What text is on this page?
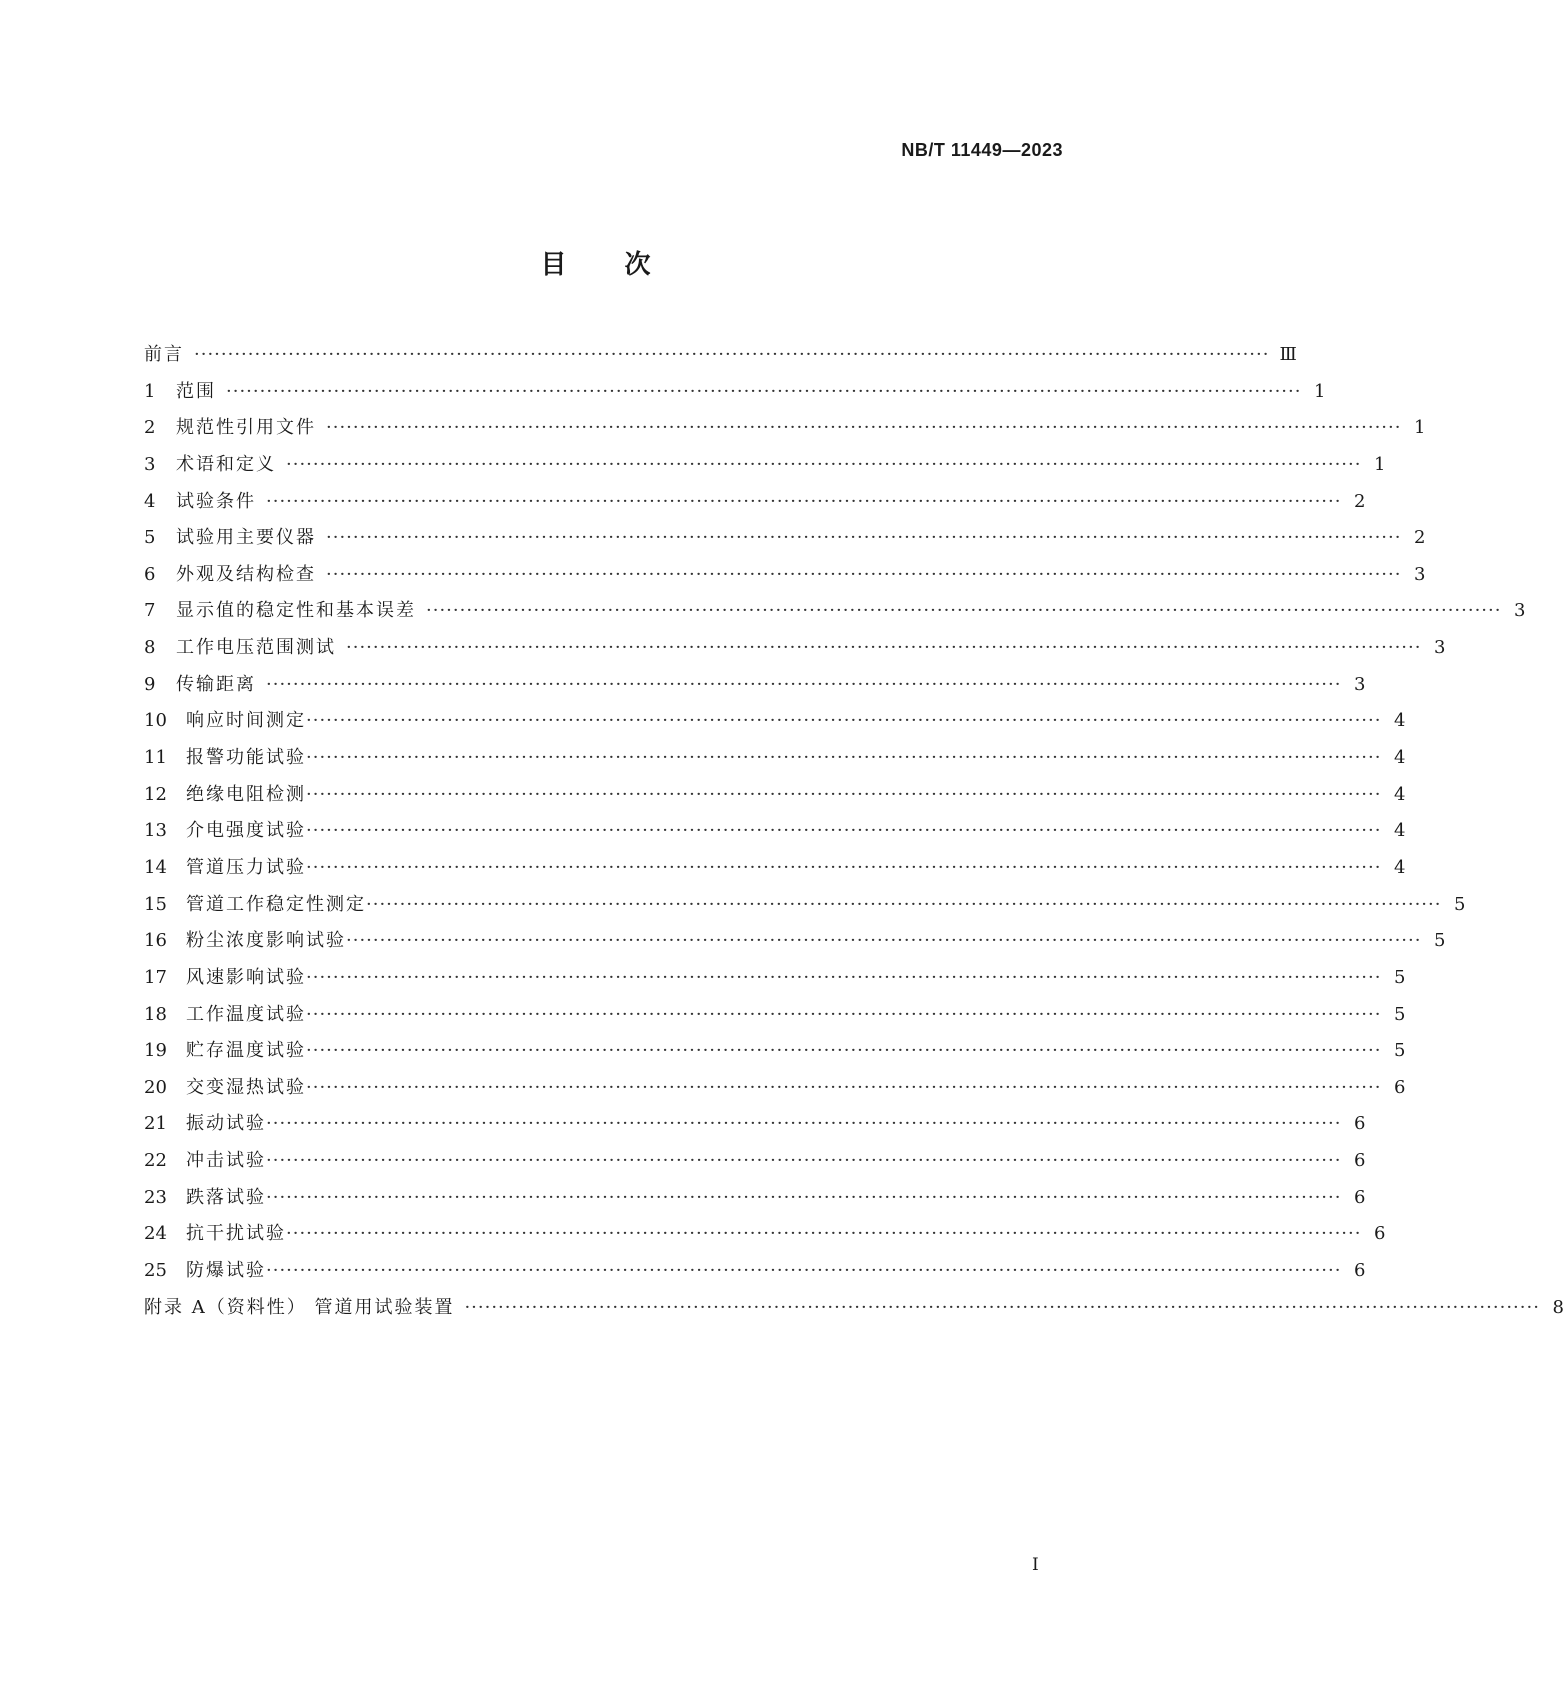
NB/T 11449—2023
目次
前言 ·····	Ⅲ
1	范围 ·····	1
2	规范性引用文件 ·····	1
3	术语和定义 ·····	1
4	试验条件 ·····	2
5	试验用主要仪器 ·····	2
6	外观及结构检查 ·····	3
7	显示值的稳定性和基本误差 ·····	3
8	工作电压范围测试 ·····	3
9	传输距离 ·····	3
10	响应时间测定 ·····	4
11	报警功能试验 ·····	4
12	绝缘电阻检测 ·····	4
13	介电强度试验 ·····	4
14	管道压力试验 ·····	4
15	管道工作稳定性测定 ·····	5
16	粉尘浓度影响试验 ·····	5
17	风速影响试验 ·····	5
18	工作温度试验 ·····	5
19	贮存温度试验 ·····	5
20	交变湿热试验 ·····	6
21	振动试验 ·····	6
22	冲击试验 ·····	6
23	跌落试验 ·····	6
24	抗干扰试验 ·····	6
25	防爆试验 ·····	6
附录 A（资料性） 管道用试验装置 ·····	8
I
